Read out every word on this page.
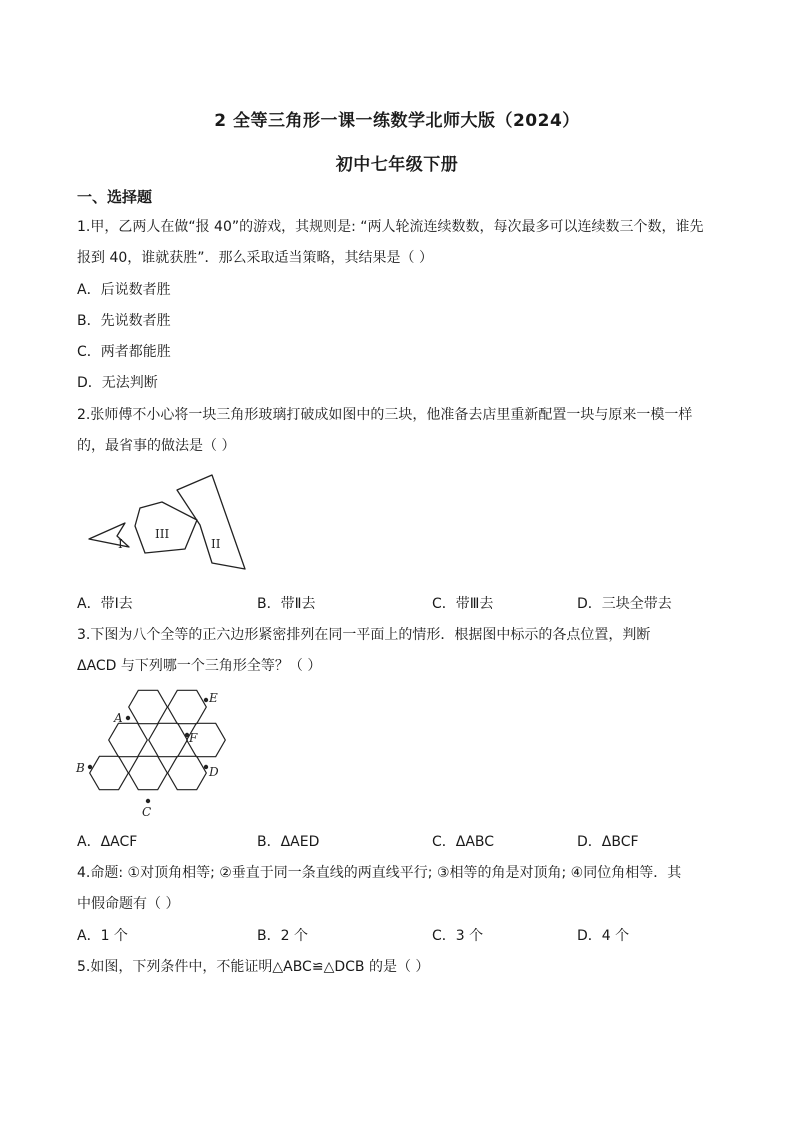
2 全等三角形一课一练数学北师大版（2024）
初中七年级下册
一、选择题
1.甲，乙两人在做“报 40”的游戏，其规则是: “两人轮流连续数数，每次最多可以连续数三个数，谁先
报到 40，谁就获胜”．那么采取适当策略，其结果是（ ）
A．后说数者胜
B．先说数者胜
C．两者都能胜
D．无法判断
2.张师傅不小心将一块三角形玻璃打破成如图中的三块，他准备去店里重新配置一块与原来一模一样
的，最省事的做法是（ ）
I
III
II
A．带Ⅰ去	B．带Ⅱ去	C．带Ⅲ去	D．三块全带去
3.下图为八个全等的正六边形紧密排列在同一平面上的情形．根据图中标示的各点位置，判断
ΔACD 与下列哪一个三角形全等？（ ）
A
E
F
B	D
C
A．ΔACF	B．ΔAED	C．ΔABC	D．ΔBCF
4.命题: ①对顶角相等; ②垂直于同一条直线的两直线平行; ③相等的角是对顶角; ④同位角相等．其
中假命题有（ ）
A．1 个	B．2 个	C．3 个	D．4 个
5.如图，下列条件中，不能证明△ABC≌△DCB 的是（ ）
